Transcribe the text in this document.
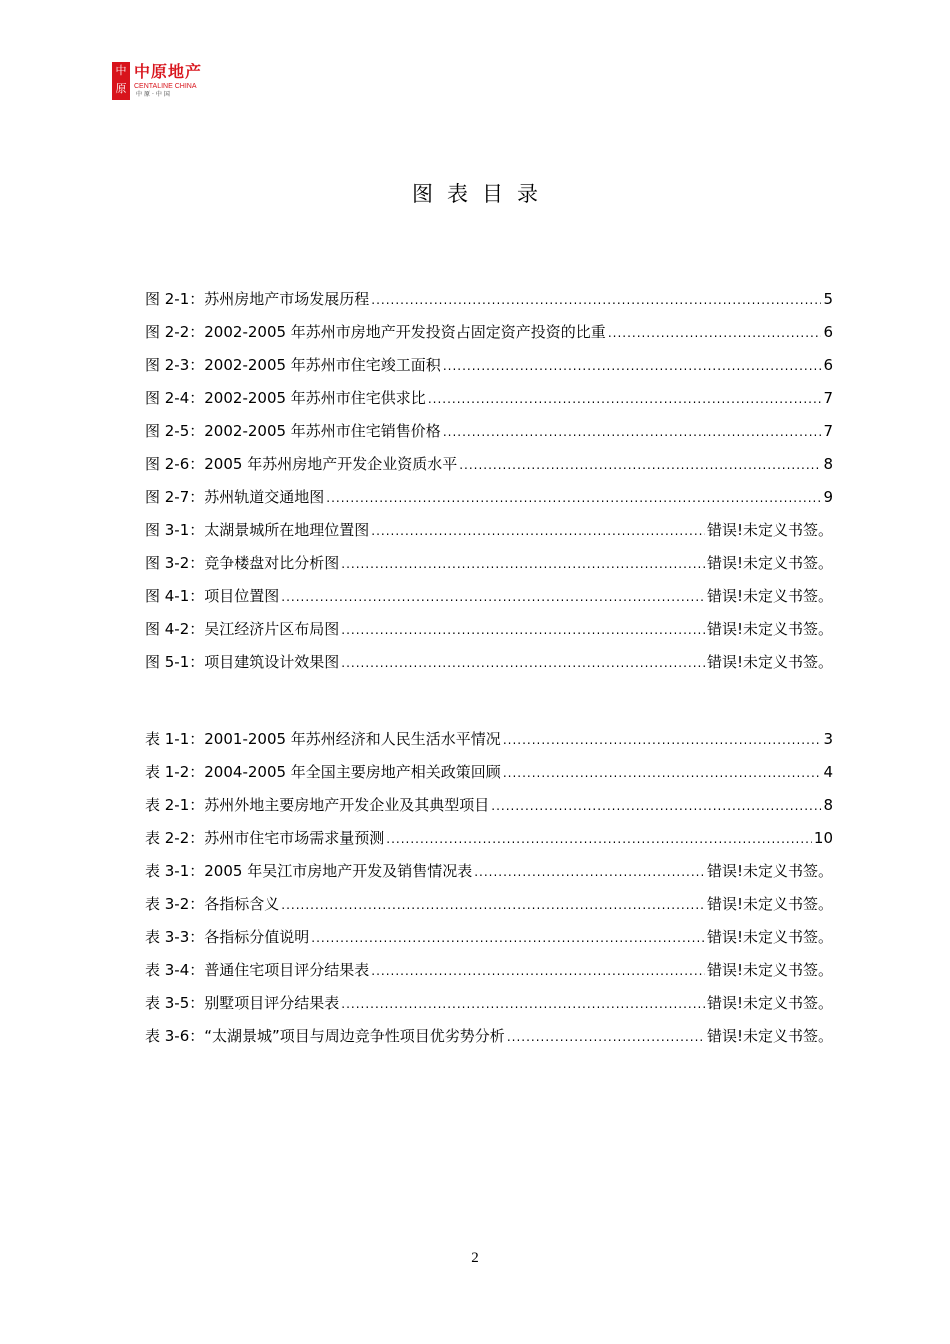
中原
中原地产
CENTALINE CHINA
中原·中国
图表目录
图 2-1：苏州房地产市场发展历程 .....	5
图 2-2：2002-2005 年苏州市房地产开发投资占固定资产投资的比重 .....	6
图 2-3：2002-2005 年苏州市住宅竣工面积 .....	6
图 2-4：2002-2005 年苏州市住宅供求比 .....	7
图 2-5：2002-2005 年苏州市住宅销售价格 .....	7
图 2-6：2005 年苏州房地产开发企业资质水平 .....	8
图 2-7：苏州轨道交通地图 .....	9
图 3-1：太湖景城所在地理位置图 .....	错误!未定义书签。
图 3-2：竞争楼盘对比分析图 .....	错误!未定义书签。
图 4-1：项目位置图 .....	错误!未定义书签。
图 4-2：吴江经济片区布局图 .....	错误!未定义书签。
图 5-1：项目建筑设计效果图 .....	错误!未定义书签。
表 1-1：2001-2005 年苏州经济和人民生活水平情况 .....	3
表 1-2：2004-2005 年全国主要房地产相关政策回顾 .....	4
表 2-1：苏州外地主要房地产开发企业及其典型项目 .....	8
表 2-2：苏州市住宅市场需求量预测 .....	10
表 3-1：2005 年吴江市房地产开发及销售情况表 .....	错误!未定义书签。
表 3-2：各指标含义 .....	错误!未定义书签。
表 3-3：各指标分值说明 .....	错误!未定义书签。
表 3-4：普通住宅项目评分结果表 .....	错误!未定义书签。
表 3-5：别墅项目评分结果表 .....	错误!未定义书签。
表 3-6：“太湖景城”项目与周边竞争性项目优劣势分析 .....	错误!未定义书签。
2
